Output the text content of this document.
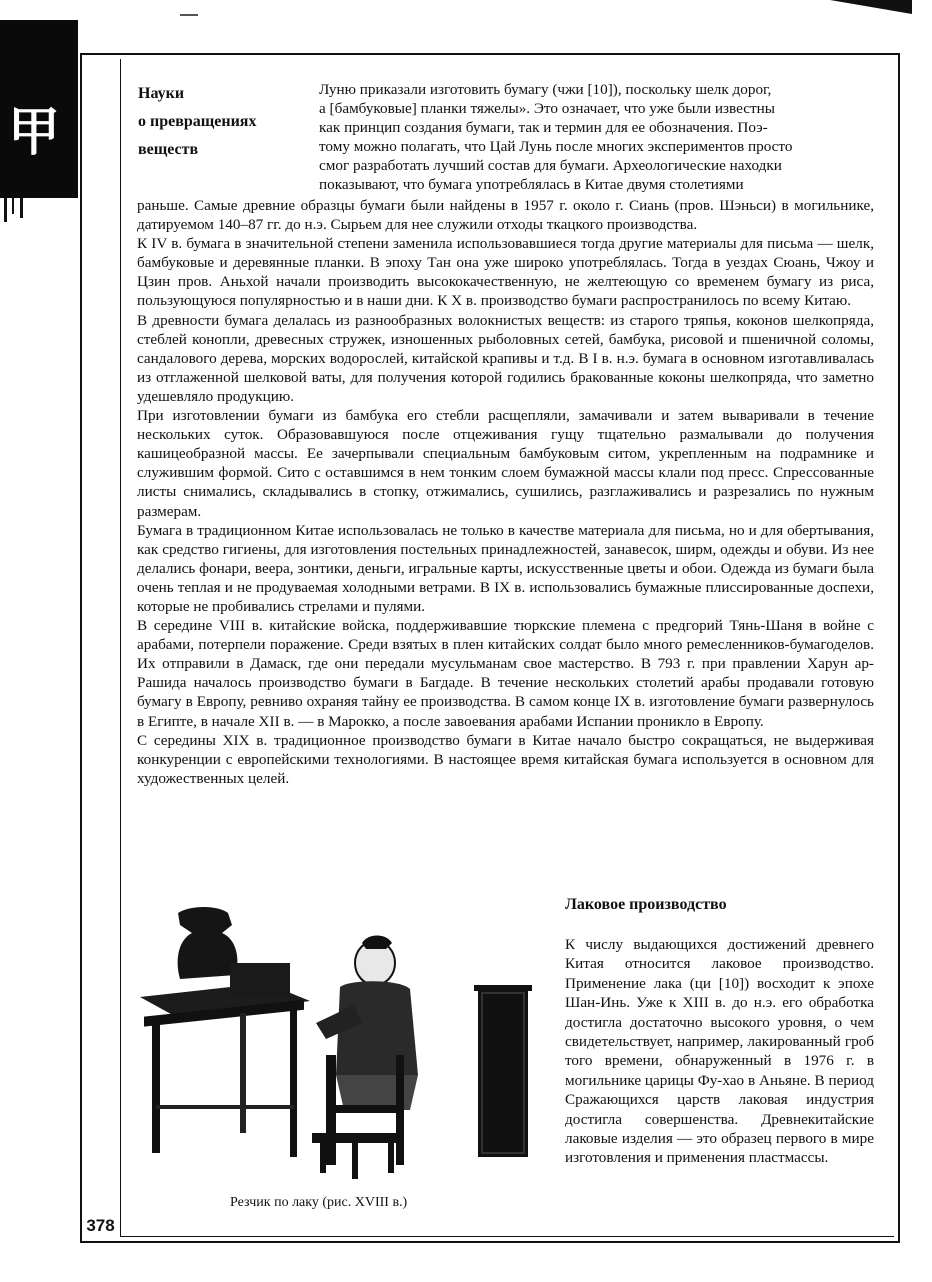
甲
378
Науки
о превращениях
веществ
Луню приказали изготовить бумагу (чжи [10]), поскольку шелк дорог,
а [бамбуковые] планки тяжелы». Это означает, что уже были известны
как принцип создания бумаги, так и термин для ее обозначения. Поэ-
тому можно полагать, что Цай Лунь после многих экспериментов просто
смог разработать лучший состав для бумаги. Археологические находки
показывают, что бумага употреблялась в Китае двумя столетиями

раньше. Самые древние образцы бумаги были найдены в 1957 г. около г. Сиань (пров. Шэньси) в могильнике, датируемом 140–87 гг. до н.э. Сырьем для нее служили отходы ткацкого производства.

К IV в. бумага в значительной степени заменила использовавшиеся тогда другие материалы для письма — шелк, бамбуковые и деревянные планки. В эпоху Тан она уже широко употреблялась. Тогда в уездах Сюань, Чжоу и Цзин пров. Аньхой начали производить высококачественную, не желтеющую со временем бумагу из риса, пользующуюся популярностью и в наши дни. К X в. производство бумаги распространилось по всему Китаю.

В древности бумага делалась из разнообразных волокнистых веществ: из старого тряпья, коконов шелкопряда, стеблей конопли, древесных стружек, изношенных рыболовных сетей, бамбука, рисовой и пшеничной соломы, сандалового дерева, морских водорослей, китайской крапивы и т.д. В I в. н.э. бумага в основном изготавливалась из отглаженной шелковой ваты, для получения которой годились бракованные коконы шелкопряда, что заметно удешевляло продукцию.

При изготовлении бумаги из бамбука его стебли расщепляли, замачивали и затем вываривали в течение нескольких суток. Образовавшуюся после отцеживания гущу тщательно размалывали до получения кашицеобразной массы. Ее зачерпывали специальным бамбуковым ситом, укрепленным на подрамнике и служившим формой. Сито с оставшимся в нем тонким слоем бумажной массы клали под пресс. Спрессованные листы снимались, складывались в стопку, отжимались, сушились, разглаживались и разрезались по нужным размерам.

Бумага в традиционном Китае использовалась не только в качестве материала для письма, но и для обертывания, как средство гигиены, для изготовления постельных принадлежностей, занавесок, ширм, одежды и обуви. Из нее делались фонари, веера, зонтики, деньги, игральные карты, искусственные цветы и обои. Одежда из бумаги была очень теплая и не продуваемая холодными ветрами. В IX в. использовались бумажные плиссированные доспехи, которые не пробивались стрелами и пулями.

В середине VIII в. китайские войска, поддерживавшие тюркские племена с предгорий Тянь-Шаня в войне с арабами, потерпели поражение. Среди взятых в плен китайских солдат было много ремесленников-бумагоделов. Их отправили в Дамаск, где они передали мусульманам свое мастерство. В 793 г. при правлении Харун ар-Рашида началось производство бумаги в Багдаде. В течение нескольких столетий арабы продавали готовую бумагу в Европу, ревниво охраняя тайну ее производства. В самом конце IX в. изготовление бумаги развернулось в Египте, в начале XII в. — в Марокко, а после завоевания арабами Испании проникло в Европу.

С середины XIX в. традиционное производство бумаги в Китае начало быстро сокращаться, не выдерживая конкуренции с европейскими технологиями. В настоящее время китайская бумага используется в основном для художественных целей.

Резчик по лаку (рис. XVIII в.)
Лаковое производство
К числу выдающихся достижений древнего Китая относится лаковое производство. Применение лака (ци [10]) восходит к эпохе Шан-Инь. Уже к XIII в. до н.э. его обработка достигла достаточно высокого уровня, о чем свидетельствует, например, лакированный гроб того времени, обнаруженный в 1976 г. в могильнике царицы Фу-хао в Аньяне. В период Сражающихся царств лаковая индустрия достигла совершенства. Древнекитайские лаковые изделия — это образец первого в мире изготовления и применения пластмассы.
